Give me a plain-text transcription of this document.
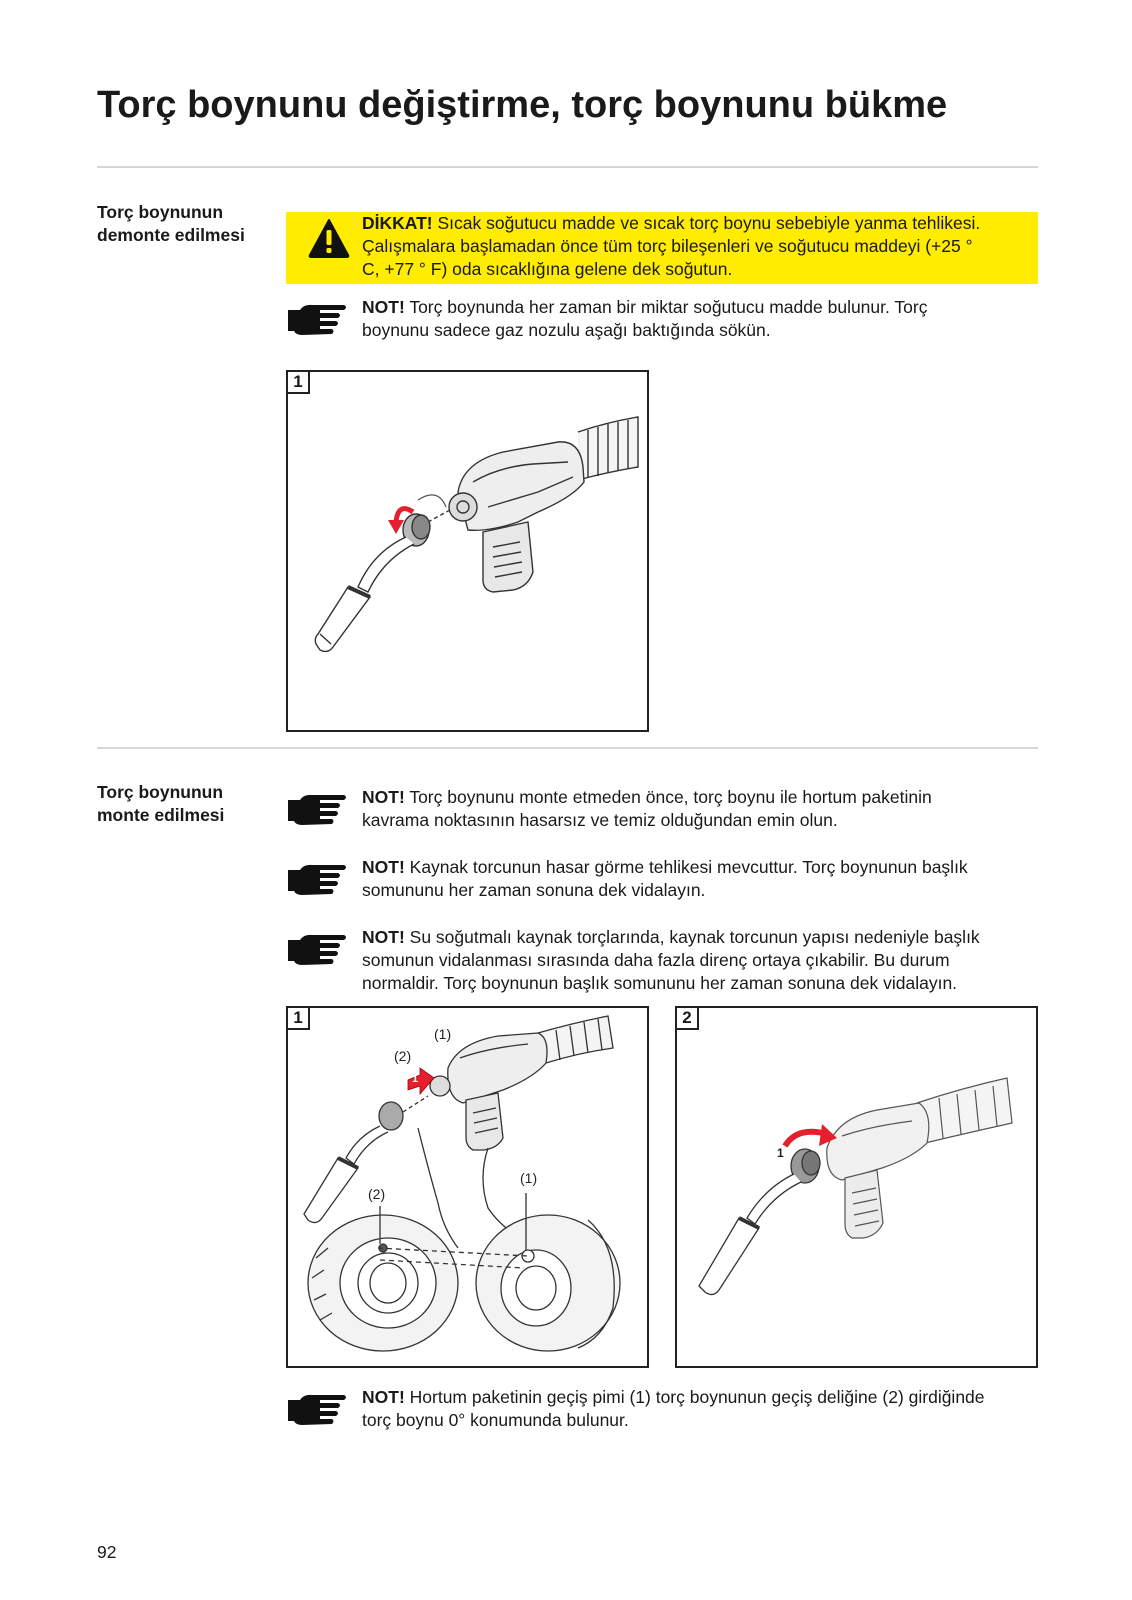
Torç boynunu değiştirme, torç boynunu bükme
Torç boynunun
demonte edilmesi
DİKKAT! Sıcak soğutucu madde ve sıcak torç boynu sebebiyle yanma tehlikesi.
Çalışmalara başlamadan önce tüm torç bileşenleri ve soğutucu maddeyi (+25 °
C, +77 ° F) oda sıcaklığına gelene dek soğutun.
NOT! Torç boynunda her zaman bir miktar soğutucu madde bulunur. Torç
boynunu sadece gaz nozulu aşağı baktığında sökün.
1
1
Torç boynunun
monte edilmesi
NOT! Torç boynunu monte etmeden önce, torç boynu ile hortum paketinin
kavrama noktasının hasarsız ve temiz olduğundan emin olun.
NOT! Kaynak torcunun hasar görme tehlikesi mevcuttur. Torç boynunun başlık
somununu her zaman sonuna dek vidalayın.
NOT! Su soğutmalı kaynak torçlarında, kaynak torcunun yapısı nedeniyle başlık
somunun vidalanması sırasında daha fazla direnç ortaya çıkabilir. Bu durum
normaldir. Torç boynunun başlık somununu her zaman sonuna dek vidalayın.
1
(1)
(2)
(1)
(2)
1
2
1
NOT! Hortum paketinin geçiş pimi (1) torç boynunun geçiş deliğine (2) girdiğinde
torç boynu 0° konumunda bulunur.
92
